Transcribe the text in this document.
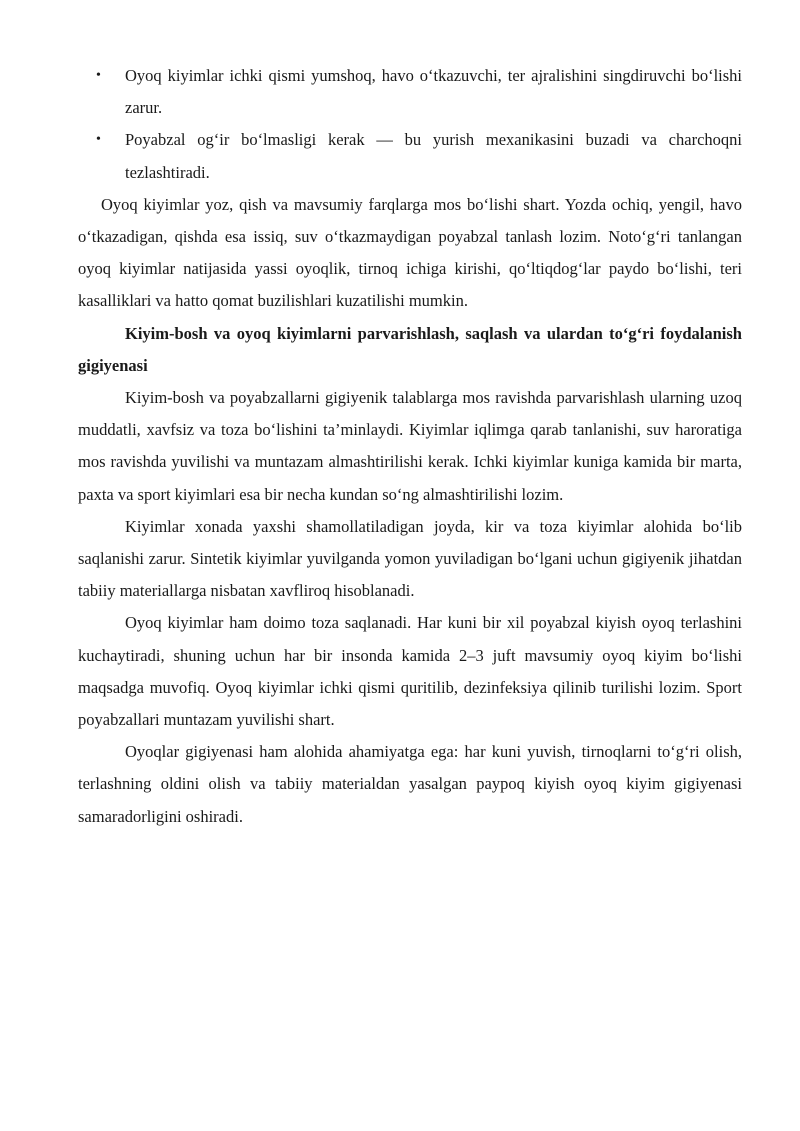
• Oyoq kiyimlar ichki qismi yumshoq, havo o‘tkazuvchi, ter ajralishini singdiruvchi bo‘lishi zarur.
• Poyabzal og‘ir bo‘lmasligi kerak — bu yurish mexanikasini buzadi va charchoqni tezlashtiradi.

Oyoq kiyimlar yoz, qish va mavsumiy farqlarga mos bo‘lishi shart. Yozda ochiq, yengil, havo o‘tkazadigan, qishda esa issiq, suv o‘tkazmaydigan poyabzal tanlash lozim. Noto‘g‘ri tanlangan oyoq kiyimlar natijasida yassi oyoqlik, tirnoq ichiga kirishi, qo‘ltiqdog‘lar paydo bo‘lishi, teri kasalliklari va hatto qomat buzilishlari kuzatilishi mumkin.

Kiyim-bosh va oyoq kiyimlarni parvarishlash, saqlash va ulardan to‘g‘ri foydalanish gigiyenasi

Kiyim-bosh va poyabzallarni gigiyenik talablarga mos ravishda parvarishlash ularning uzoq muddatli, xavfsiz va toza bo‘lishini ta’minlaydi. Kiyimlar iqlimga qarab tanlanishi, suv haroratiga mos ravishda yuvilishi va muntazam almashtirilishi kerak. Ichki kiyimlar kuniga kamida bir marta, paxta va sport kiyimlari esa bir necha kundan so‘ng almashtirilishi lozim.

Kiyimlar xonada yaxshi shamollatiladigan joyda, kir va toza kiyimlar alohida bo‘lib saqlanishi zarur. Sintetik kiyimlar yuvilganda yomon yuviladigan bo‘lgani uchun gigiyenik jihatdan tabiiy materiallarga nisbatan xavfliroq hisoblanadi.

Oyoq kiyimlar ham doimo toza saqlanadi. Har kuni bir xil poyabzal kiyish oyoq terlashini kuchaytiradi, shuning uchun har bir insonda kamida 2–3 juft mavsumiy oyoq kiyim bo‘lishi maqsadga muvofiq. Oyoq kiyimlar ichki qismi quritilib, dezinfeksiya qilinib turilishi lozim. Sport poyabzallari muntazam yuvilishi shart.

Oyoqlar gigiyenasi ham alohida ahamiyatga ega: har kuni yuvish, tirnoqlarni to‘g‘ri olish, terlashning oldini olish va tabiiy materialdan yasalgan paypoq kiyish oyoq kiyim gigiyenasi samaradorligini oshiradi.
